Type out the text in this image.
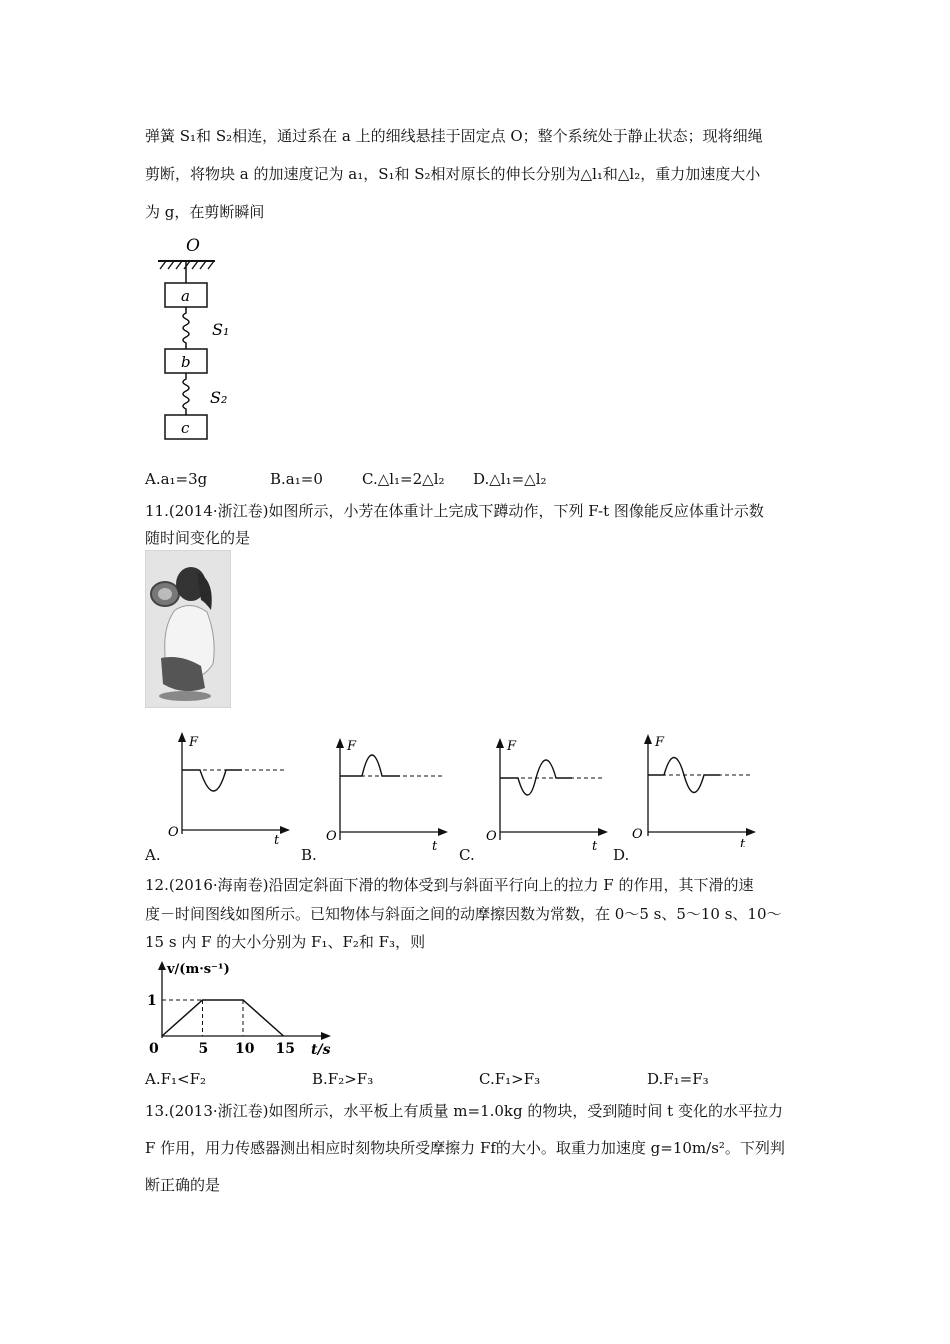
弹簧 S₁和 S₂相连，通过系在 a 上的细线悬挂于固定点 O；整个系统处于静止状态；现将细绳
剪断，将物块 a 的加速度记为 a₁，S₁和 S₂相对原长的伸长分别为△l₁和△l₂，重力加速度大小
为 g，在剪断瞬间
O
a
S₁
b
S₂
c
A.a₁=3g	B.a₁=0	C.△l₁=2△l₂ D.△l₁=△l₂
11.(2014·浙江卷)如图所示，小芳在体重计上完成下蹲动作，下列 F-t 图像能反应体重计示数
随时间变化的是
F
t
O
A.
F
t
O
B.
F
t
O
C.
F
t
O
D.
12.(2016·海南卷)沿固定斜面下滑的物体受到与斜面平行向上的拉力 F 的作用，其下滑的速
度－时间图线如图所示。已知物体与斜面之间的动摩擦因数为常数，在 0～5 s、5～10 s、10～
15 s 内 F 的大小分别为 F₁、F₂和 F₃，则
v/(m·s⁻¹)
t/s
0	5 10 15
1
A.F₁<F₂	B.F₂>F₃	C.F₁>F₃	D.F₁=F₃
13.(2013·浙江卷)如图所示，水平板上有质量 m=1.0kg 的物块，受到随时间 t 变化的水平拉力
F 作用，用力传感器测出相应时刻物块所受摩擦力 Ff的大小。取重力加速度 g=10m/s²。下列判
断正确的是
